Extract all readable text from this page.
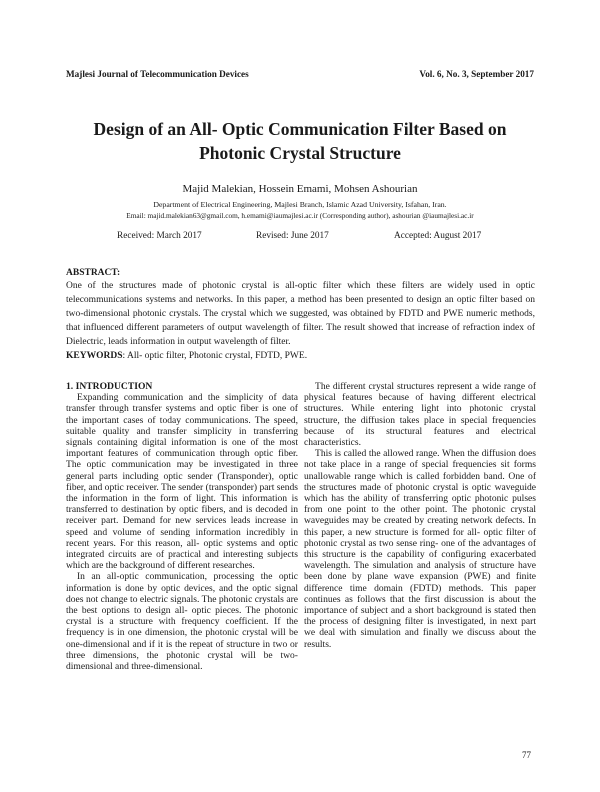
Majlesi Journal of Telecommunication Devices	Vol. 6, No. 3, September 2017
Design of an All- Optic Communication Filter Based on
Photonic Crystal Structure
Majid Malekian, Hossein Emami, Mohsen Ashourian
Department of Electrical Engineering, Majlesi Branch, Islamic Azad University, Isfahan, Iran.
Email: majid.malekian63@gmail.com, h.emami@iaumajlesi.ac.ir (Corresponding author), ashourian @iaumajlesi.ac.ir
Received: March 2017	Revised: June 2017	Accepted: August 2017
ABSTRACT:
One of the structures made of photonic crystal is all-optic filter which these filters are widely used in optic telecommunications systems and networks. In this paper, a method has been presented to design an optic filter based on two-dimensional photonic crystals. The crystal which we suggested, was obtained by FDTD and PWE numeric methods, that influenced different parameters of output wavelength of filter. The result showed that increase of refraction index of Dielectric, leads information in output wavelength of filter.
KEYWORDS: All- optic filter, Photonic crystal, FDTD, PWE.
1. INTRODUCTION

Expanding communication and the simplicity of data transfer through transfer systems and optic fiber is one of the important cases of today communications. The speed, suitable quality and transfer simplicity in transferring signals containing digital information is one of the most important features of communication through optic fiber. The optic communication may be investigated in three general parts including optic sender (Transponder), optic fiber, and optic receiver. The sender (transponder) part sends the information in the form of light. This information is transferred to destination by optic fibers, and is decoded in receiver part. Demand for new services leads increase in speed and volume of sending information incredibly in recent years. For this reason, all- optic systems and optic integrated circuits are of practical and interesting subjects which are the background of different researches.

In an all-optic communication, processing the optic information is done by optic devices, and the optic signal does not change to electric signals. The photonic crystals are the best options to design all- optic pieces. The photonic crystal is a structure with frequency coefficient. If the frequency is in one dimension, the photonic crystal will be one-dimensional and if it is the repeat of structure in two or three dimensions, the photonic crystal will be two-dimensional and three-dimensional.

The different crystal structures represent a wide range of physical features because of having different electrical structures. While entering light into photonic crystal structure, the diffusion takes place in special frequencies because of its structural features and electrical characteristics.

This is called the allowed range. When the diffusion does not take place in a range of special frequencies sit forms unallowable range which is called forbidden band. One of the structures made of photonic crystal is optic waveguide which has the ability of transferring optic photonic pulses from one point to the other point. The photonic crystal waveguides may be created by creating network defects. In this paper, a new structure is formed for all- optic filter of photonic crystal as two sense ring- one of the advantages of this structure is the capability of configuring exacerbated wavelength. The simulation and analysis of structure have been done by plane wave expansion (PWE) and finite difference time domain (FDTD) methods. This paper continues as follows that the first discussion is about the importance of subject and a short background is stated then the process of designing filter is investigated, in next part we deal with simulation and finally we discuss about the results.

77
